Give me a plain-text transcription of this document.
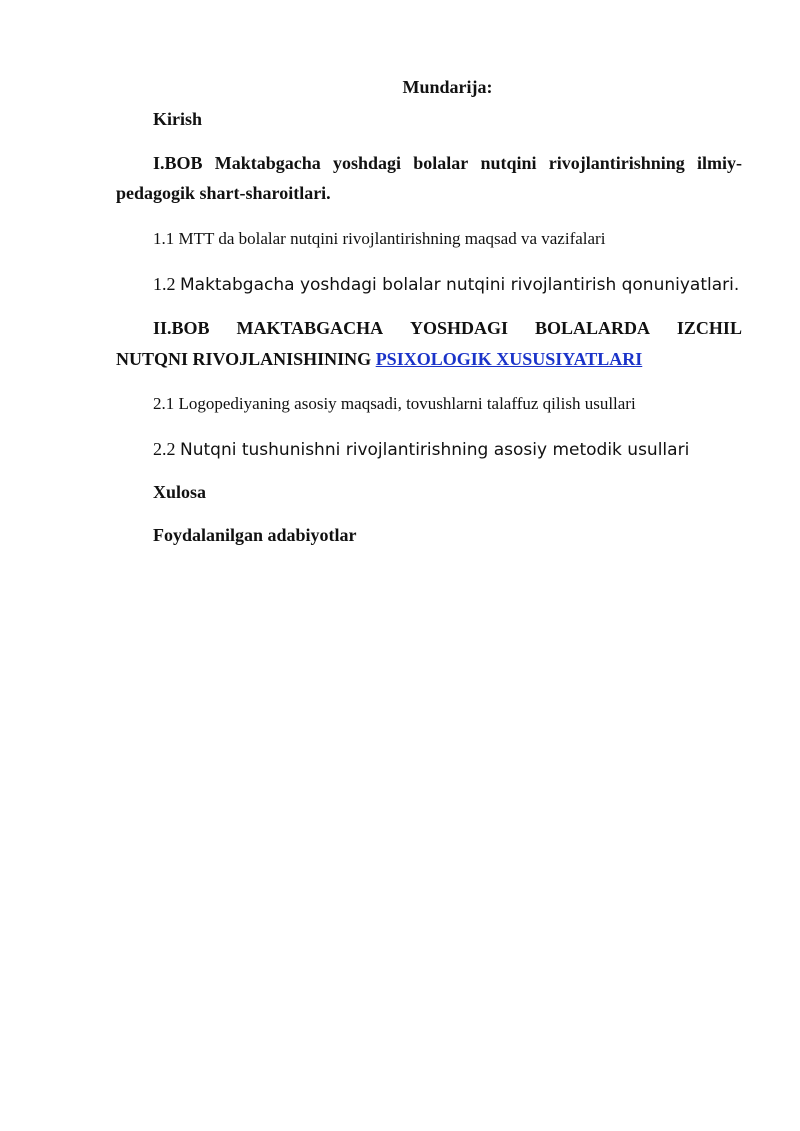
Mundarija:
Kirish
I.BOB Maktabgacha yoshdagi bolalar nutqini rivojlantirishning ilmiy-
pedagogik shart-sharoitlari.
1.1 MTT da bolalar nutqini rivojlantirishning maqsad va vazifalari
1.2 Maktabgacha yoshdagi bolalar nutqini rivojlantirish qonuniyatlari.
II.BOB MAKTABGACHA YOSHDAGI BOLALARDA IZCHIL
NUTQNI RIVOJLANISHINING PSIXOLOGIK XUSUSIYATLARI
2.1 Logopediyaning asosiy maqsadi, tovushlarni talaffuz qilish usullari
2.2 Nutqni tushunishni rivojlantirishning asosiy metodik usullari
Xulosa
Foydalanilgan adabiyotlar
